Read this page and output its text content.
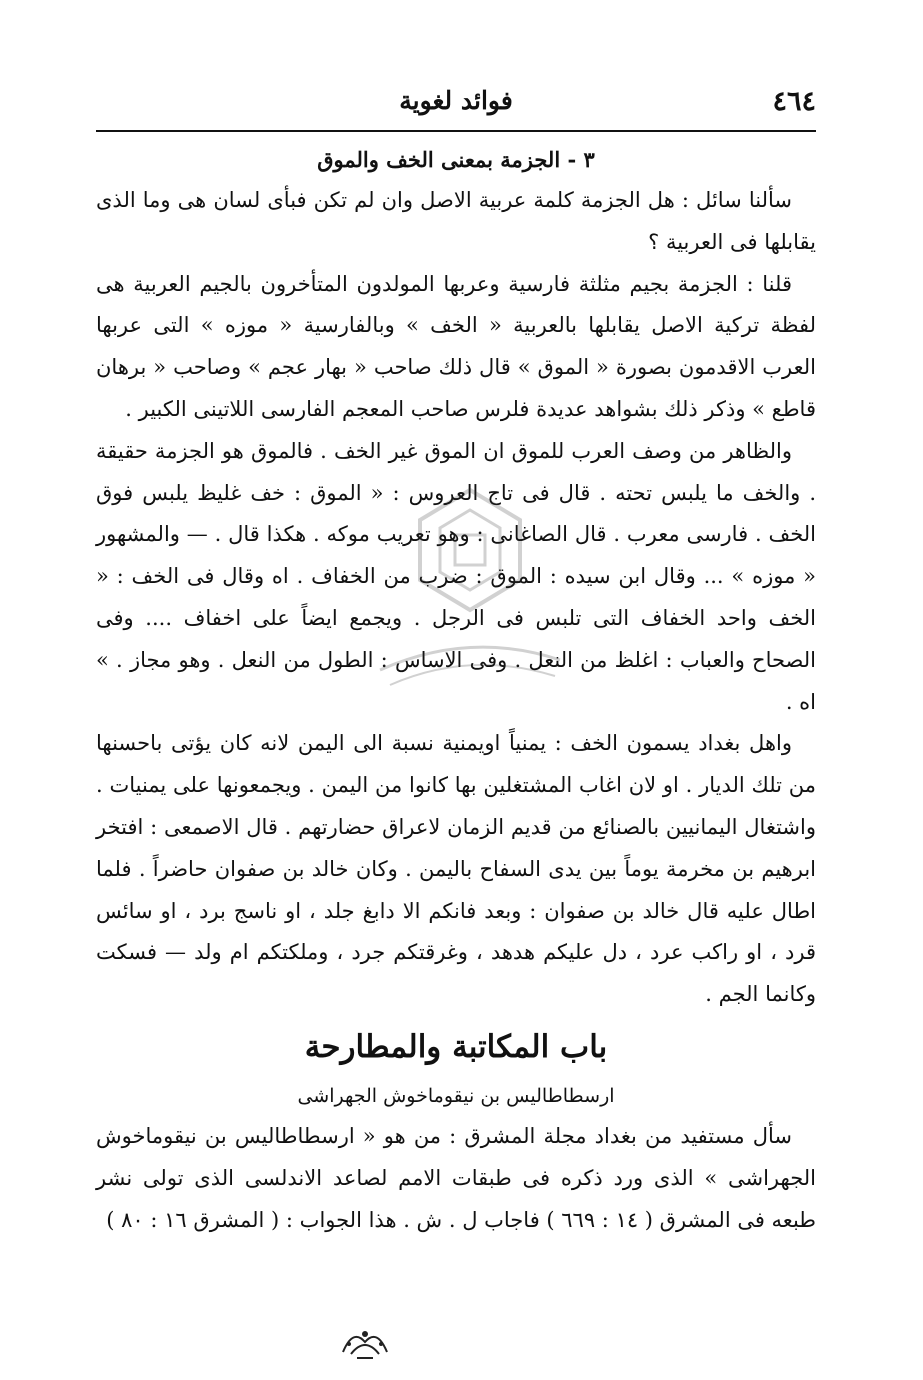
٤٦٤
فوائد لغوية
٣ - الجزمة بمعنى الخف والموق

سألنا سائل : هل الجزمة كلمة عربية الاصل وان لم تكن فبأى لسان هى وما الذى يقابلها فى العربية ؟

قلنا : الجزمة بجيم مثلثة فارسية وعربها المولدون المتأخرون بالجيم العربية هى لفظة تركية الاصل يقابلها بالعربية « الخف » وبالفارسية « موزه » التى عربها العرب الاقدمون بصورة « الموق » قال ذلك صاحب « بهار عجم » وصاحب « برهان قاطع » وذكر ذلك بشواهد عديدة فلرس صاحب المعجم الفارسى اللاتينى الكبير .

والظاهر من وصف العرب للموق ان الموق غير الخف . فالموق هو الجزمة حقيقة . والخف ما يلبس تحته . قال فى تاج العروس : « الموق : خف غليظ يلبس فوق الخف . فارسى معرب . قال الصاغانى : وهو تعريب موكه . هكذا قال . — والمشهور « موزه » ... وقال ابن سيده : الموق : ضرب من الخفاف . اه وقال فى الخف : « الخف واحد الخفاف التى تلبس فى الرجل . ويجمع ايضاً على اخفاف .... وفى الصحاح والعباب : اغلظ من النعل . وفى الاساس : الطول من النعل . وهو مجاز . » اه .

واهل بغداد يسمون الخف : يمنياً اويمنية نسبة الى اليمن لانه كان يؤتى باحسنها من تلك الديار . او لان اغاب المشتغلين بها كانوا من اليمن . ويجمعونها على يمنيات . واشتغال اليمانيين بالصنائع من قديم الزمان لاعراق حضارتهم . قال الاصمعى : افتخر ابرهيم بن مخرمة يوماً بين يدى السفاح باليمن . وكان خالد بن صفوان حاضراً . فلما اطال عليه قال خالد بن صفوان : وبعد فانكم الا دابغ جلد ، او ناسج برد ، او سائس قرد ، او راكب عرد ، دل عليكم هدهد ، وغرقتكم جرد ، وملكتكم ام ولد — فسكت وكانما الجم .

باب المكاتبة والمطارحة
ارسطاطاليس بن نيقوماخوش الجهراشى

سأل مستفيد من بغداد مجلة المشرق : من هو « ارسطاطاليس بن نيقوماخوش الجهراشى » الذى ورد ذكره فى طبقات الامم لصاعد الاندلسى الذى تولى نشر طبعه فى المشرق ( ١٤ : ٦٦٩ ) فاجاب ل . ش . هذا الجواب : ( المشرق ١٦ : ٨٠ )
